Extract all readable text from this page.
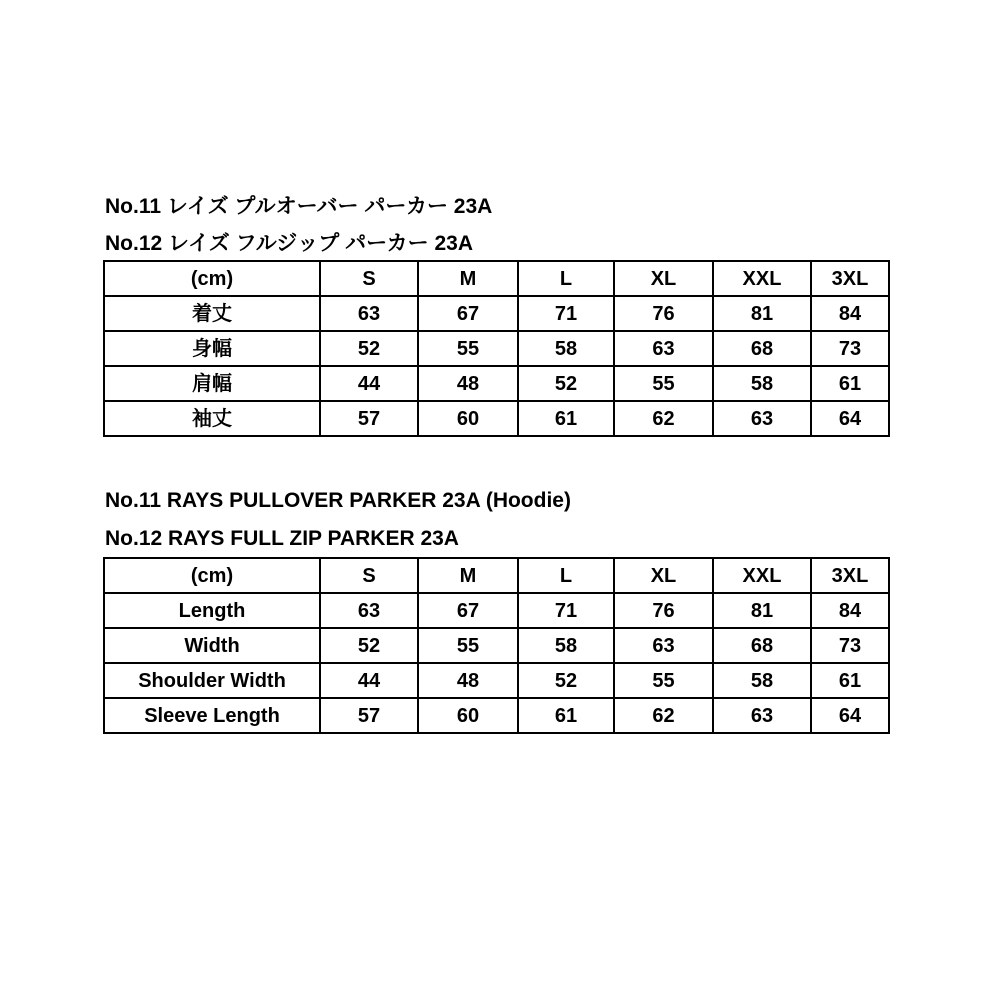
No.11 レイズ プルオーバー パーカー 23A
No.12 レイズ フルジップ パーカー 23A
(cm)	S	M	L	XL	XXL	3XL
着丈	63	67	71	76	81	84
身幅	52	55	58	63	68	73
肩幅	44	48	52	55	58	61
袖丈	57	60	61	62	63	64
No.11 RAYS PULLOVER PARKER 23A (Hoodie)
No.12 RAYS FULL ZIP PARKER 23A
(cm)	S	M	L	XL	XXL	3XL
Length	63	67	71	76	81	84
Width	52	55	58	63	68	73
Shoulder Width	44	48	52	55	58	61
Sleeve Length	57	60	61	62	63	64
